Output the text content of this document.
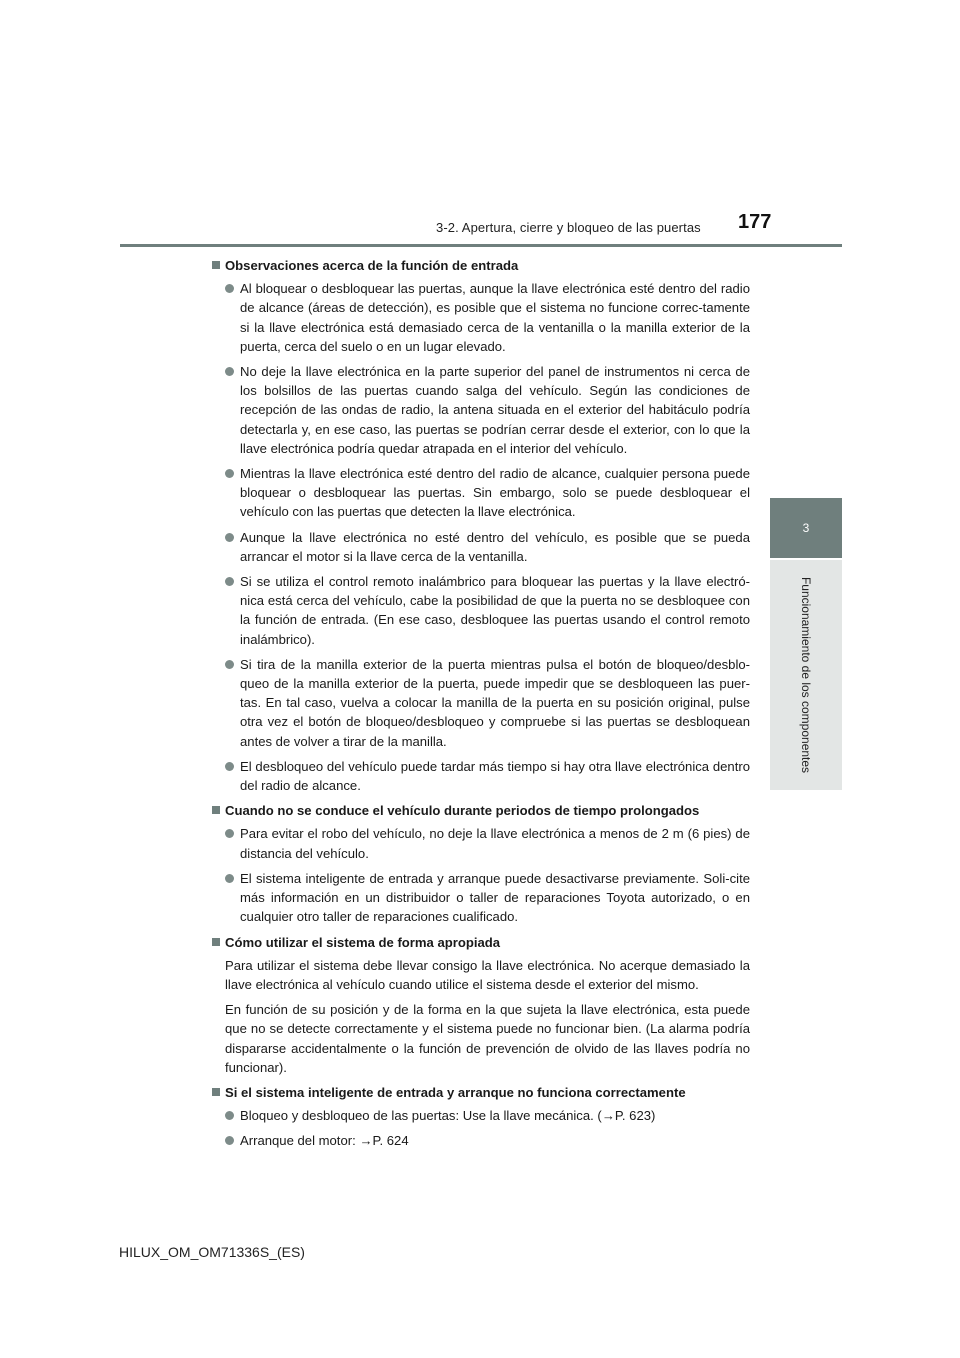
3-2. Apertura, cierre y bloqueo de las puertas 177
3
Funcionamiento de los componentes
Observaciones acerca de la función de entrada
Al bloquear o desbloquear las puertas, aunque la llave electrónica esté dentro del radio de alcance (áreas de detección), es posible que el sistema no funcione correc-tamente si la llave electrónica está demasiado cerca de la ventanilla o la manilla exterior de la puerta, cerca del suelo o en un lugar elevado.
No deje la llave electrónica en la parte superior del panel de instrumentos ni cerca de los bolsillos de las puertas cuando salga del vehículo. Según las condiciones de recepción de las ondas de radio, la antena situada en el exterior del habitáculo podría detectarla y, en ese caso, las puertas se podrían cerrar desde el exterior, con lo que la llave electrónica podría quedar atrapada en el interior del vehículo.
Mientras la llave electrónica esté dentro del radio de alcance, cualquier persona puede bloquear o desbloquear las puertas. Sin embargo, solo se puede desbloquear el vehículo con las puertas que detecten la llave electrónica.
Aunque la llave electrónica no esté dentro del vehículo, es posible que se pueda arrancar el motor si la llave cerca de la ventanilla.
Si se utiliza el control remoto inalámbrico para bloquear las puertas y la llave electró-nica está cerca del vehículo, cabe la posibilidad de que la puerta no se desbloquee con la función de entrada. (En ese caso, desbloquee las puertas usando el control remoto inalámbrico).
Si tira de la manilla exterior de la puerta mientras pulsa el botón de bloqueo/desblo-queo de la manilla exterior de la puerta, puede impedir que se desbloqueen las puer-tas. En tal caso, vuelva a colocar la manilla de la puerta en su posición original, pulse otra vez el botón de bloqueo/desbloqueo y compruebe si las puertas se desbloquean antes de volver a tirar de la manilla.
El desbloqueo del vehículo puede tardar más tiempo si hay otra llave electrónica dentro del radio de alcance.
Cuando no se conduce el vehículo durante periodos de tiempo prolongados
Para evitar el robo del vehículo, no deje la llave electrónica a menos de 2 m (6 pies) de distancia del vehículo.
El sistema inteligente de entrada y arranque puede desactivarse previamente. Soli-cite más información en un distribuidor o taller de reparaciones Toyota autorizado, o en cualquier otro taller de reparaciones cualificado.
Cómo utilizar el sistema de forma apropiada
Para utilizar el sistema debe llevar consigo la llave electrónica. No acerque demasiado la llave electrónica al vehículo cuando utilice el sistema desde el exterior del mismo.
En función de su posición y de la forma en la que sujeta la llave electrónica, esta puede que no se detecte correctamente y el sistema puede no funcionar bien. (La alarma podría dispararse accidentalmente o la función de prevención de olvido de las llaves podría no funcionar).
Si el sistema inteligente de entrada y arranque no funciona correctamente
Bloqueo y desbloqueo de las puertas: Use la llave mecánica. (→P. 623)
Arranque del motor: →P. 624
HILUX_OM_OM71336S_(ES)
